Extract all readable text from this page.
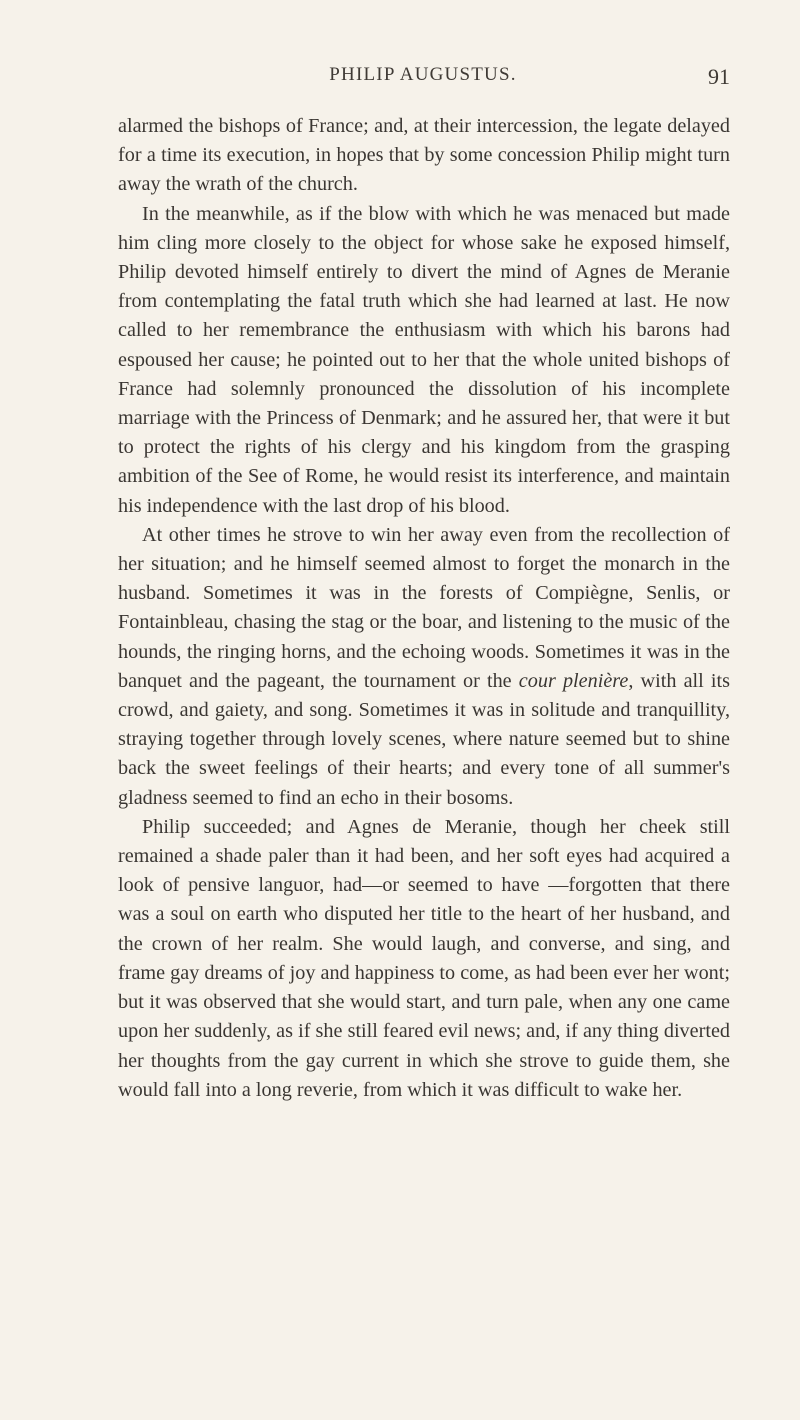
PHILIP AUGUSTUS.	91

alarmed the bishops of France; and, at their intercession, the legate delayed for a time its execution, in hopes that by some concession Philip might turn away the wrath of the church.

In the meanwhile, as if the blow with which he was menaced but made him cling more closely to the object for whose sake he exposed himself, Philip devoted himself entirely to divert the mind of Agnes de Meranie from contemplating the fatal truth which she had learned at last. He now called to her remembrance the enthusiasm with which his barons had espoused her cause; he pointed out to her that the whole united bishops of France had solemnly pronounced the dissolution of his incomplete marriage with the Princess of Denmark; and he assured her, that were it but to protect the rights of his clergy and his kingdom from the grasping ambition of the See of Rome, he would resist its interference, and maintain his independence with the last drop of his blood.

At other times he strove to win her away even from the recollection of her situation; and he himself seemed almost to forget the monarch in the husband. Sometimes it was in the forests of Compiègne, Senlis, or Fontainbleau, chasing the stag or the boar, and listening to the music of the hounds, the ringing horns, and the echoing woods. Sometimes it was in the banquet and the pageant, the tournament or the cour plenière, with all its crowd, and gaiety, and song. Sometimes it was in solitude and tranquillity, straying together through lovely scenes, where nature seemed but to shine back the sweet feelings of their hearts; and every tone of all summer's gladness seemed to find an echo in their bosoms.

Philip succeeded; and Agnes de Meranie, though her cheek still remained a shade paler than it had been, and her soft eyes had acquired a look of pensive languor, had—or seemed to have —forgotten that there was a soul on earth who disputed her title to the heart of her husband, and the crown of her realm. She would laugh, and converse, and sing, and frame gay dreams of joy and happiness to come, as had been ever her wont; but it was observed that she would start, and turn pale, when any one came upon her suddenly, as if she still feared evil news; and, if any thing diverted her thoughts from the gay current in which she strove to guide them, she would fall into a long reverie, from which it was difficult to wake her.
